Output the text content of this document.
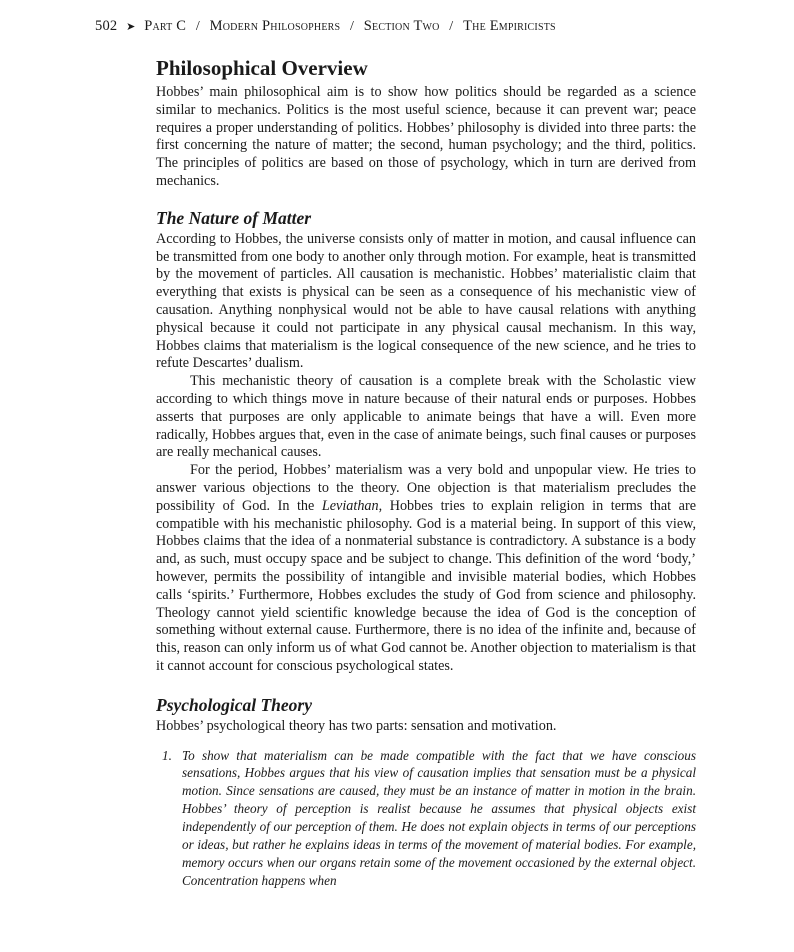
502 ➤ Part C / Modern Philosophers / Section Two / The Empiricists
Philosophical Overview

Hobbes’ main philosophical aim is to show how politics should be regarded as a science similar to mechanics. Politics is the most useful science, because it can prevent war; peace requires a proper understanding of politics. Hobbes’ philosophy is divided into three parts: the first concerning the nature of matter; the second, human psychology; and the third, politics. The principles of politics are based on those of psychology, which in turn are derived from mechanics.

The Nature of Matter

According to Hobbes, the universe consists only of matter in motion, and causal influence can be transmitted from one body to another only through motion. For example, heat is transmitted by the movement of particles. All causation is mechanistic. Hobbes’ materialistic claim that everything that exists is physical can be seen as a consequence of his mechanistic view of causation. Anything nonphysical would not be able to have causal relations with anything physical because it could not participate in any physical causal mechanism. In this way, Hobbes claims that materialism is the logical consequence of the new science, and he tries to refute Descartes’ dualism.

This mechanistic theory of causation is a complete break with the Scholastic view according to which things move in nature because of their natural ends or purposes. Hobbes asserts that purposes are only applicable to animate beings that have a will. Even more radically, Hobbes argues that, even in the case of animate beings, such final causes or purposes are really mechanical causes.

For the period, Hobbes’ materialism was a very bold and unpopular view. He tries to answer various objections to the theory. One objection is that materialism precludes the possibility of God. In the Leviathan, Hobbes tries to explain religion in terms that are compatible with his mechanistic philosophy. God is a material being. In support of this view, Hobbes claims that the idea of a nonmaterial substance is contradictory. A substance is a body and, as such, must occupy space and be subject to change. This definition of the word ‘body,’ however, permits the possibility of intangible and invisible material bodies, which Hobbes calls ‘spirits.’ Furthermore, Hobbes excludes the study of God from science and philosophy. Theology cannot yield scientific knowledge because the idea of God is the conception of something without external cause. Furthermore, there is no idea of the infinite and, because of this, reason can only inform us of what God cannot be. Another objection to materialism is that it cannot account for conscious psychological states.

Psychological Theory

Hobbes’ psychological theory has two parts: sensation and motivation.

1. To show that materialism can be made compatible with the fact that we have conscious sensations, Hobbes argues that his view of causation implies that sensation must be a physical motion. Since sensations are caused, they must be an instance of matter in motion in the brain. Hobbes’ theory of perception is realist because he assumes that physical objects exist independently of our perception of them. He does not explain objects in terms of our perceptions or ideas, but rather he explains ideas in terms of the movement of material bodies. For example, memory occurs when our organs retain some of the movement occasioned by the external object. Concentration happens when
